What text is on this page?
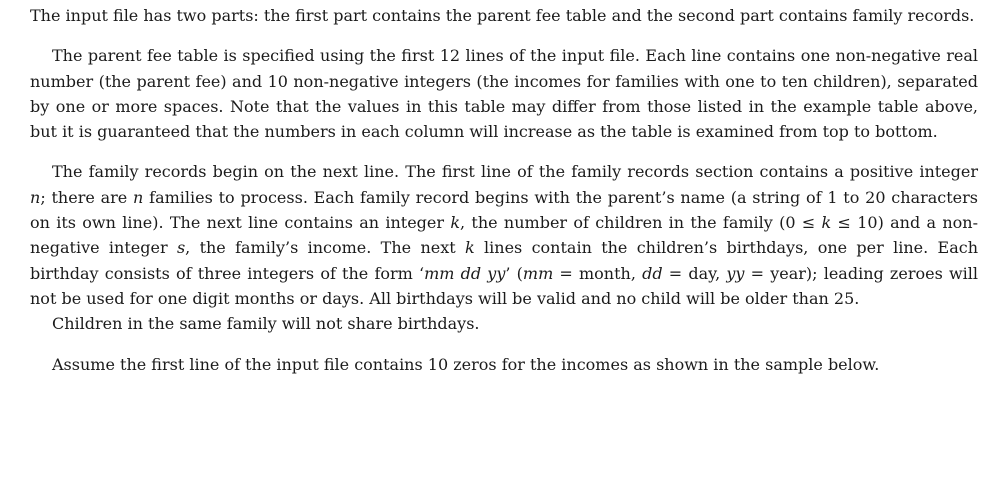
The input file has two parts: the first part contains the parent fee table and the second part contains family records.

The parent fee table is specified using the first 12 lines of the input file. Each line contains one non-negative real number (the parent fee) and 10 non-negative integers (the incomes for families with one to ten children), separated by one or more spaces. Note that the values in this table may differ from those listed in the example table above, but it is guaranteed that the numbers in each column will increase as the table is examined from top to bottom.

The family records begin on the next line. The first line of the family records section contains a positive integer n; there are n families to process. Each family record begins with the parent’s name (a string of 1 to 20 characters on its own line). The next line contains an integer k, the number of children in the family (0 ≤ k ≤ 10) and a non-negative integer s, the family’s income. The next k lines contain the children’s birthdays, one per line. Each birthday consists of three integers of the form ‘mm dd yy’ (mm = month, dd = day, yy = year); leading zeroes will not be used for one digit months or days. All birthdays will be valid and no child will be older than 25.

Children in the same family will not share birthdays.

Assume the first line of the input file contains 10 zeros for the incomes as shown in the sample below.
